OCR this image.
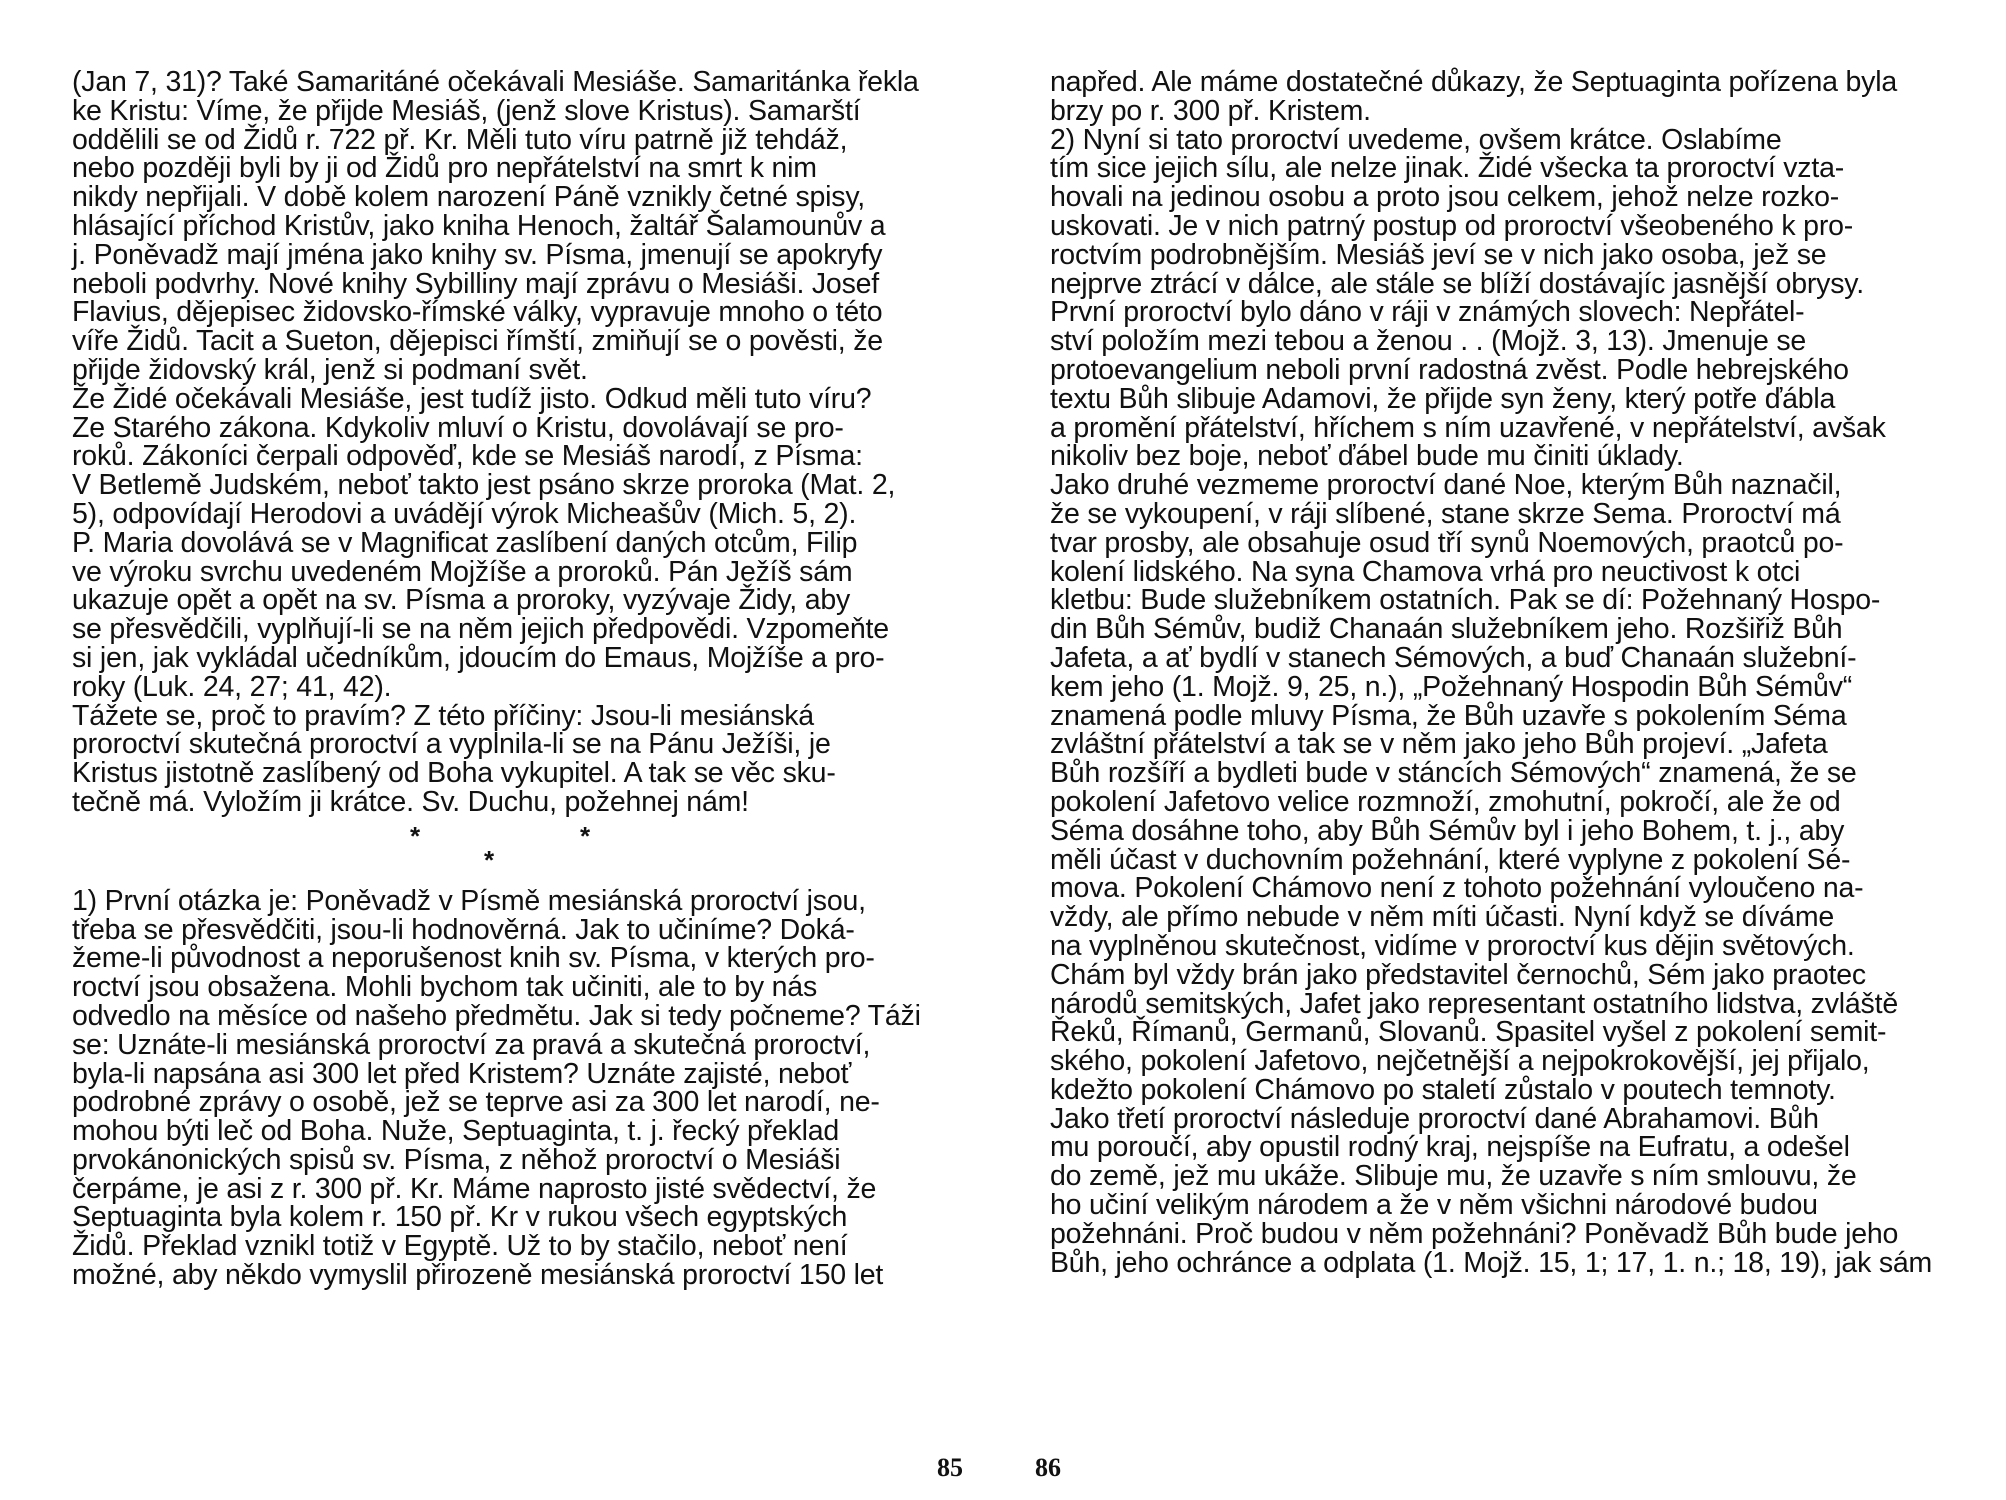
(Jan 7, 31)? Také Samaritáné očekávali Mesiáše. Samaritánka řekla
ke Kristu: Víme, že přijde Mesiáš, (jenž slove Kristus). Samarští
oddělili se od Židů r. 722 př. Kr. Měli tuto víru patrně již tehdáž,
nebo později byli by ji od Židů pro nepřátelství na smrt k nim
nikdy nepřijali. V době kolem narození Páně vznikly četné spisy,
hlásající příchod Kristův, jako kniha Henoch, žaltář Šalamounův a
j. Poněvadž mají jména jako knihy sv. Písma, jmenují se apokryfy
neboli podvrhy. Nové knihy Sybilliny mají zprávu o Mesiáši. Josef
Flavius, dějepisec židovsko-římské války, vypravuje mnoho o této
víře Židů. Tacit a Sueton, dějepisci římští, zmiňují se o pověsti, že
přijde židovský král, jenž si podmaní svět.
Že Židé očekávali Mesiáše, jest tudíž jisto. Odkud měli tuto víru?
Ze Starého zákona. Kdykoliv mluví o Kristu, dovolávají se pro-
roků. Zákoníci čerpali odpověď, kde se Mesiáš narodí, z Písma:
V Betlemě Judském, neboť takto jest psáno skrze proroka (Mat. 2,
5), odpovídají Herodovi a uvádějí výrok Micheašův (Mich. 5, 2).
P. Maria dovolává se v Magnificat zaslíbení daných otcům, Filip
ve výroku svrchu uvedeném Mojžíše a proroků. Pán Ježíš sám
ukazuje opět a opět na sv. Písma a proroky, vyzývaje Židy, aby
se přesvědčili, vyplňují-li se na něm jejich předpovědi. Vzpomeňte
si jen, jak vykládal učedníkům, jdoucím do Emaus, Mojžíše a pro-
roky (Luk. 24, 27; 41, 42).
Tážete se, proč to pravím? Z této příčiny: Jsou-li mesiánská
proroctví skutečná proroctví a vyplnila-li se na Pánu Ježíši, je
Kristus jistotně zaslíbený od Boha vykupitel. A tak se věc sku-
tečně má. Vyložím ji krátce. Sv. Duchu, požehnej nám!
*
*
*
1) První otázka je: Poněvadž v Písmě mesiánská proroctví jsou,
třeba se přesvědčiti, jsou-li hodnověrná. Jak to učiníme? Doká-
žeme-li původnost a neporušenost knih sv. Písma, v kterých pro-
roctví jsou obsažena. Mohli bychom tak učiniti, ale to by nás
odvedlo na měsíce od našeho předmětu. Jak si tedy počneme? Táži
se: Uznáte-li mesiánská proroctví za pravá a skutečná proroctví,
byla-li napsána asi 300 let před Kristem? Uznáte zajisté, neboť
podrobné zprávy o osobě, jež se teprve asi za 300 let narodí, ne-
mohou býti leč od Boha. Nuže, Septuaginta, t. j. řecký překlad
prvokánonických spisů sv. Písma, z něhož proroctví o Mesiáši
čerpáme, je asi z r. 300 př. Kr. Máme naprosto jisté svědectví, že
Septuaginta byla kolem r. 150 př. Kr v rukou všech egyptských
Židů. Překlad vznikl totiž v Egyptě. Už to by stačilo, neboť není
možné, aby někdo vymyslil přirozeně mesiánská proroctví 150 let
napřed. Ale máme dostatečné důkazy, že Septuaginta pořízena byla
brzy po r. 300 př. Kristem.
2) Nyní si tato proroctví uvedeme, ovšem krátce. Oslabíme
tím sice jejich sílu, ale nelze jinak. Židé všecka ta proroctví vzta-
hovali na jedinou osobu a proto jsou celkem, jehož nelze rozko-
uskovati. Je v nich patrný postup od proroctví všeobeného k pro-
roctvím podrobnějším. Mesiáš jeví se v nich jako osoba, jež se
nejprve ztrácí v dálce, ale stále se blíží dostávajíc jasnější obrysy.
První proroctví bylo dáno v ráji v známých slovech: Nepřátel-
ství položím mezi tebou a ženou . . (Mojž. 3, 13). Jmenuje se
protoevangelium neboli první radostná zvěst. Podle hebrejského
textu Bůh slibuje Adamovi, že přijde syn ženy, který potře ďábla
a promění přátelství, hříchem s ním uzavřené, v nepřátelství, avšak
nikoliv bez boje, neboť ďábel bude mu činiti úklady.
Jako druhé vezmeme proroctví dané Noe, kterým Bůh naznačil,
že se vykoupení, v ráji slíbené, stane skrze Sema. Proroctví má
tvar prosby, ale obsahuje osud tří synů Noemových, praotců po-
kolení lidského. Na syna Chamova vrhá pro neuctivost k otci
kletbu: Bude služebníkem ostatních. Pak se dí: Požehnaný Hospo-
din Bůh Sémův, budiž Chanaán služebníkem jeho. Rozšiřiž Bůh
Jafeta, a ať bydlí v stanech Sémových, a buď Chanaán služební-
kem jeho (1. Mojž. 9, 25, n.), „Požehnaný Hospodin Bůh Sémův“
znamená podle mluvy Písma, že Bůh uzavře s pokolením Séma
zvláštní přátelství a tak se v něm jako jeho Bůh projeví. „Jafeta
Bůh rozšíří a bydleti bude v stáncích Sémových“ znamená, že se
pokolení Jafetovo velice rozmnoží, zmohutní, pokročí, ale že od
Séma dosáhne toho, aby Bůh Sémův byl i jeho Bohem, t. j., aby
měli účast v duchovním požehnání, které vyplyne z pokolení Sé-
mova. Pokolení Chámovo není z tohoto požehnání vyloučeno na-
vždy, ale přímo nebude v něm míti účasti. Nyní když se díváme
na vyplněnou skutečnost, vidíme v proroctví kus dějin světových.
Chám byl vždy brán jako představitel černochů, Sém jako praotec
národů semitských, Jafet jako representant ostatního lidstva, zvláště
Řeků, Římanů, Germanů, Slovanů. Spasitel vyšel z pokolení semit-
ského, pokolení Jafetovo, nejčetnější a nejpokrokovější, jej přijalo,
kdežto pokolení Chámovo po staletí zůstalo v poutech temnoty.
Jako třetí proroctví následuje proroctví dané Abrahamovi. Bůh
mu poroučí, aby opustil rodný kraj, nejspíše na Eufratu, a odešel
do země, jež mu ukáže. Slibuje mu, že uzavře s ním smlouvu, že
ho učiní velikým národem a že v něm všichni národové budou
požehnáni. Proč budou v něm požehnáni? Poněvadž Bůh bude jeho
Bůh, jeho ochránce a odplata (1. Mojž. 15, 1; 17, 1. n.; 18, 19), jak sám
85	86
